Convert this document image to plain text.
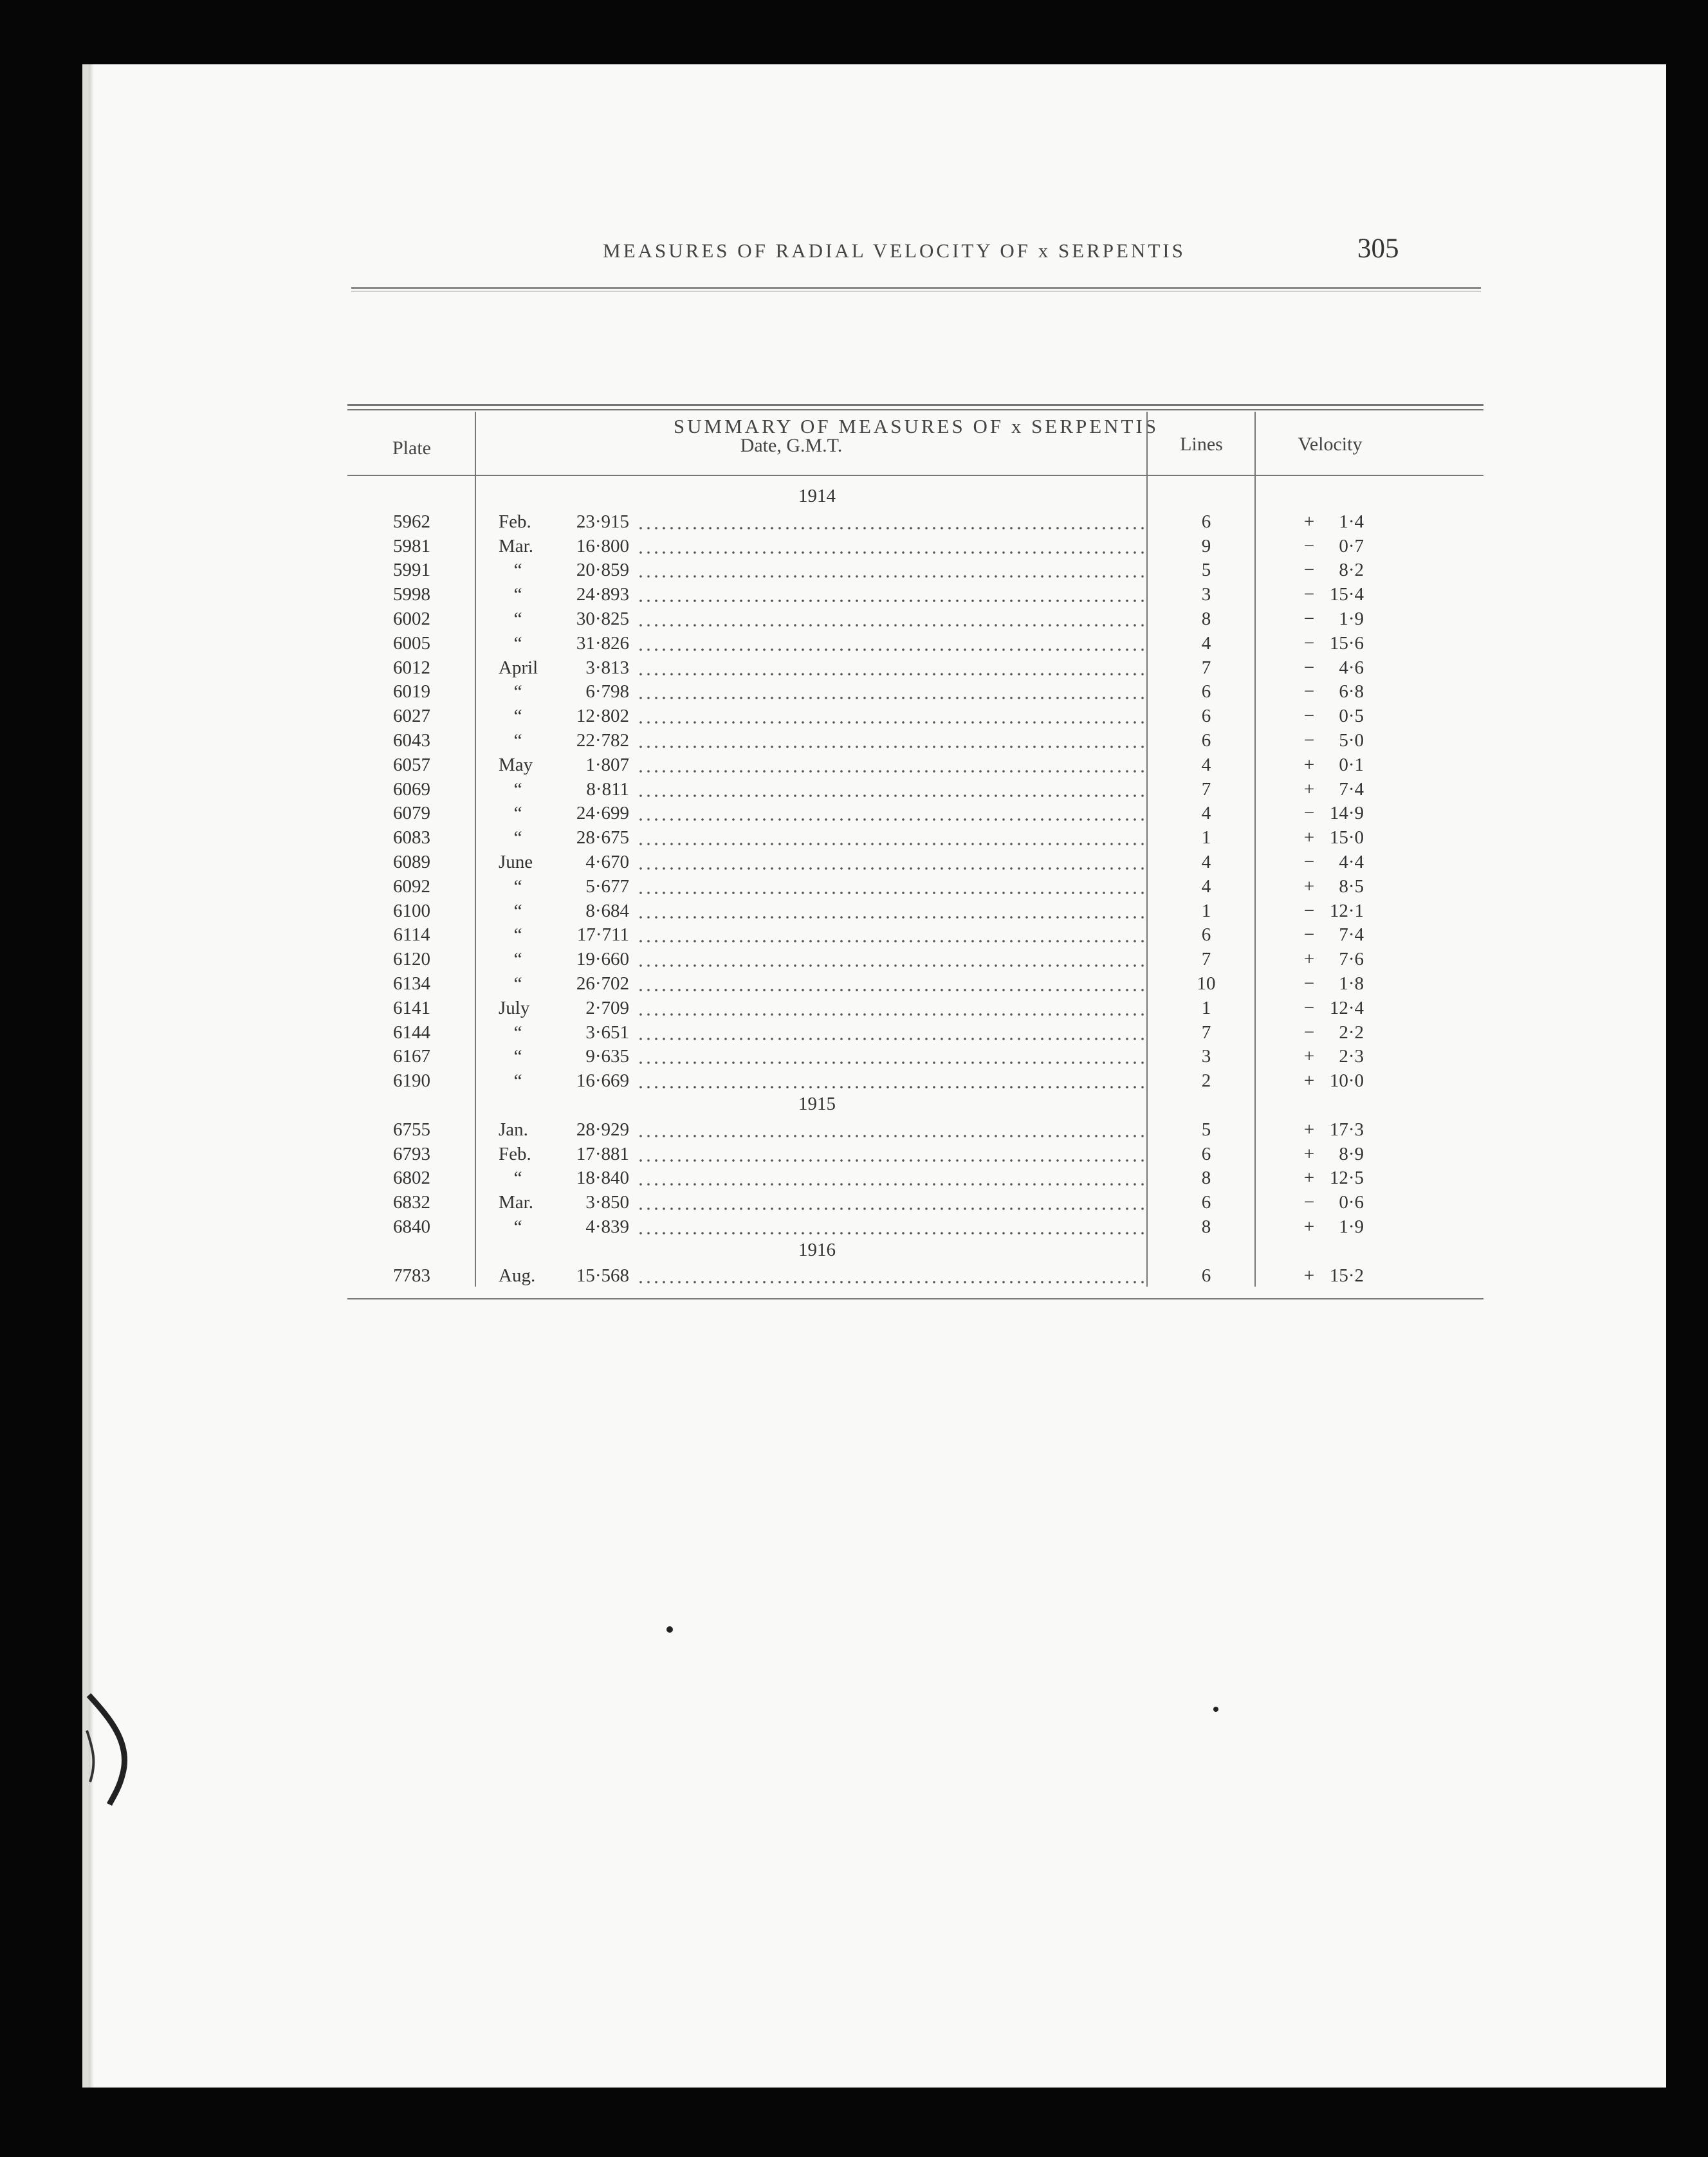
MEASURES OF RADIAL VELOCITY OF x SERPENTIS	305
SUMMARY OF MEASURES OF x SERPENTIS
Plate	Date, G.M.T.	Lines	Velocity
1914
5962	Feb.	23·915	6	+	1·4
5981	Mar.	16·800	9	−	0·7
5991	“	20·859	5	−	8·2
5998	“	24·893	3	− 15·4
6002	“	30·825	8	−	1·9
6005	“	31·826	4	− 15·6
6012	April	3·813	7	−	4·6
6019	“	6·798	6	−	6·8
6027	“	12·802	6	−	0·5
6043	“	22·782	6	−	5·0
6057	May	1·807	4	+	0·1
6069	“	8·811	7	+	7·4
6079	“	24·699	4	− 14·9
6083	“	28·675	1	+ 15·0
6089	June	4·670	4	−	4·4
6092	“	5·677	4	+	8·5
6100	“	8·684	1	− 12·1
6114	“	17·711	6	−	7·4
6120	“	19·660	7	+	7·6
6134	“	26·702	10	−	1·8
6141	July	2·709	1	− 12·4
6144	“	3·651	7	−	2·2
6167	“	9·635	3	+	2·3
6190	“	16·669	2	+ 10·0
1915
6755	Jan.	28·929	5	+ 17·3
6793	Feb.	17·881	6	+	8·9
6802	“	18·840	8	+ 12·5
6832	Mar.	3·850	6	−	0·6
6840	“	4·839	8	+	1·9
1916
7783	Aug.	15·568	6	+ 15·2
